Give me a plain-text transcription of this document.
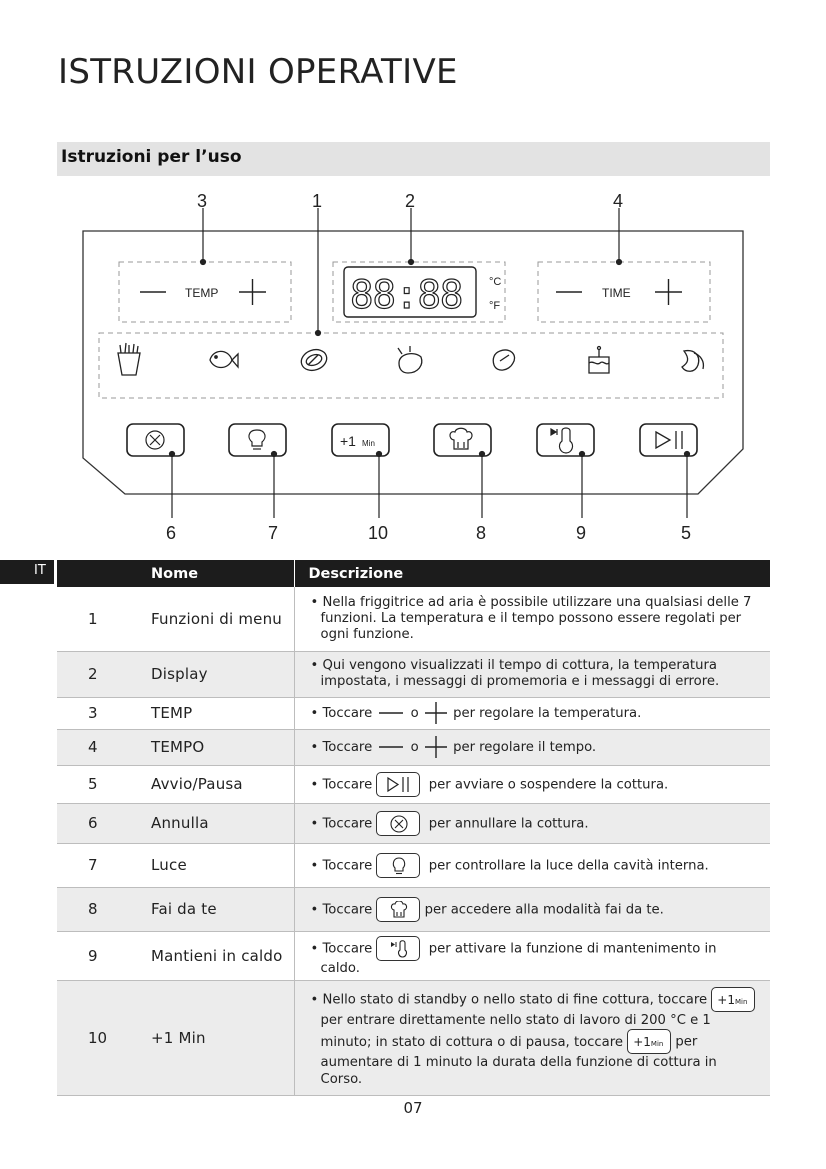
ISTRUZIONI OPERATIVE
Istruzioni per l’uso
TEMP	88:88 °C
°F
TIME
+1 Min
3	1	2	4
6	7	10	8	9	5
IT
		Nome	Descrizione
1	Funzioni di menu	• Nella friggitrice ad aria è possibile utilizzare una qualsiasi delle 7 funzioni. La temperatura e il tempo possono essere regolati per ogni funzione.

2	Display	• Qui vengono visualizzati il tempo di cottura, la temperatura impostata, i messaggi di promemoria e i messaggi di errore.

3	TEMP	• Toccare o per regolare la temperatura.
4	TEMPO	• Toccare o per regolare il tempo.
5	Avvio/Pausa	• Toccare per avviare o sospendere la cottura.
6	Annulla	• Toccare per annullare la cottura.
7	Luce	• Toccare per controllare la luce della cavità interna.
8	Fai da te	• Toccare per accedere alla modalità fai da te.
9	Mantieni in caldo	• Toccare per attivare la funzione di mantenimento in
caldo.
10	+1 Min	• Nello stato di standby o nello stato di fine cottura, toccare +1Min
per entrare direttamente nello stato di lavoro di 200 °C e 1
minuto; in stato di cottura o di pausa, toccare +1Min per
aumentare di 1 minuto la durata della funzione di cottura in
Corso.
07
